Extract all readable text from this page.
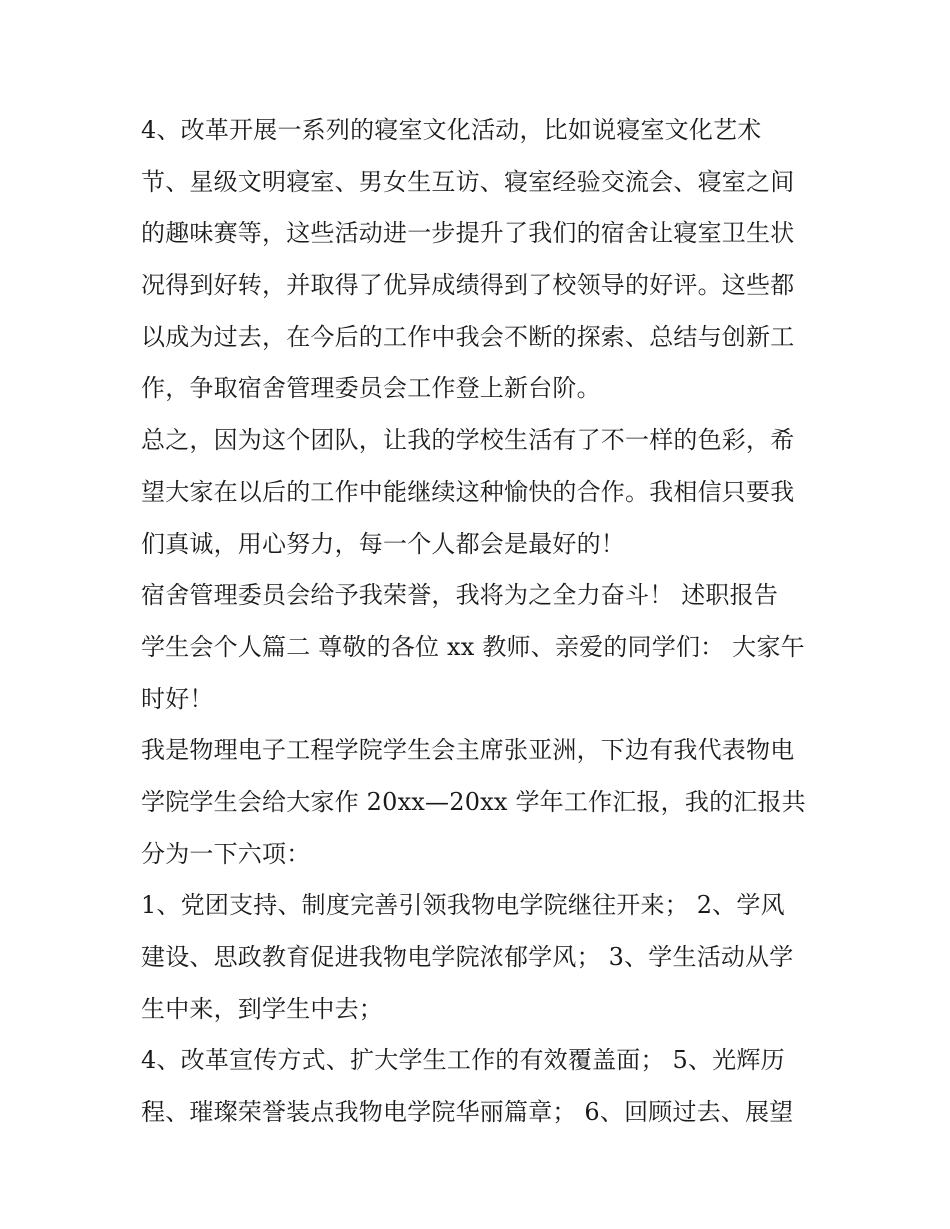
4、改革开展一系列的寝室文化活动，比如说寝室文化艺术
节、星级文明寝室、男女生互访、寝室经验交流会、寝室之间
的趣味赛等，这些活动进一步提升了我们的宿舍让寝室卫生状
况得到好转，并取得了优异成绩得到了校领导的好评。这些都
以成为过去，在今后的工作中我会不断的探索、总结与创新工
作，争取宿舍管理委员会工作登上新台阶。
总之，因为这个团队，让我的学校生活有了不一样的色彩，希
望大家在以后的工作中能继续这种愉快的合作。我相信只要我
们真诚，用心努力，每一个人都会是最好的！
宿舍管理委员会给予我荣誉，我将为之全力奋斗！ 述职报告
学生会个人篇二 尊敬的各位 xx 教师、亲爱的同学们： 大家午
时好！
我是物理电子工程学院学生会主席张亚洲，下边有我代表物电
学院学生会给大家作 20xx—20xx 学年工作汇报，我的汇报共
分为一下六项：
1、党团支持、制度完善引领我物电学院继往开来； 2、学风
建设、思政教育促进我物电学院浓郁学风； 3、学生活动从学
生中来，到学生中去；
4、改革宣传方式、扩大学生工作的有效覆盖面； 5、光辉历
程、璀璨荣誉装点我物电学院华丽篇章； 6、回顾过去、展望
